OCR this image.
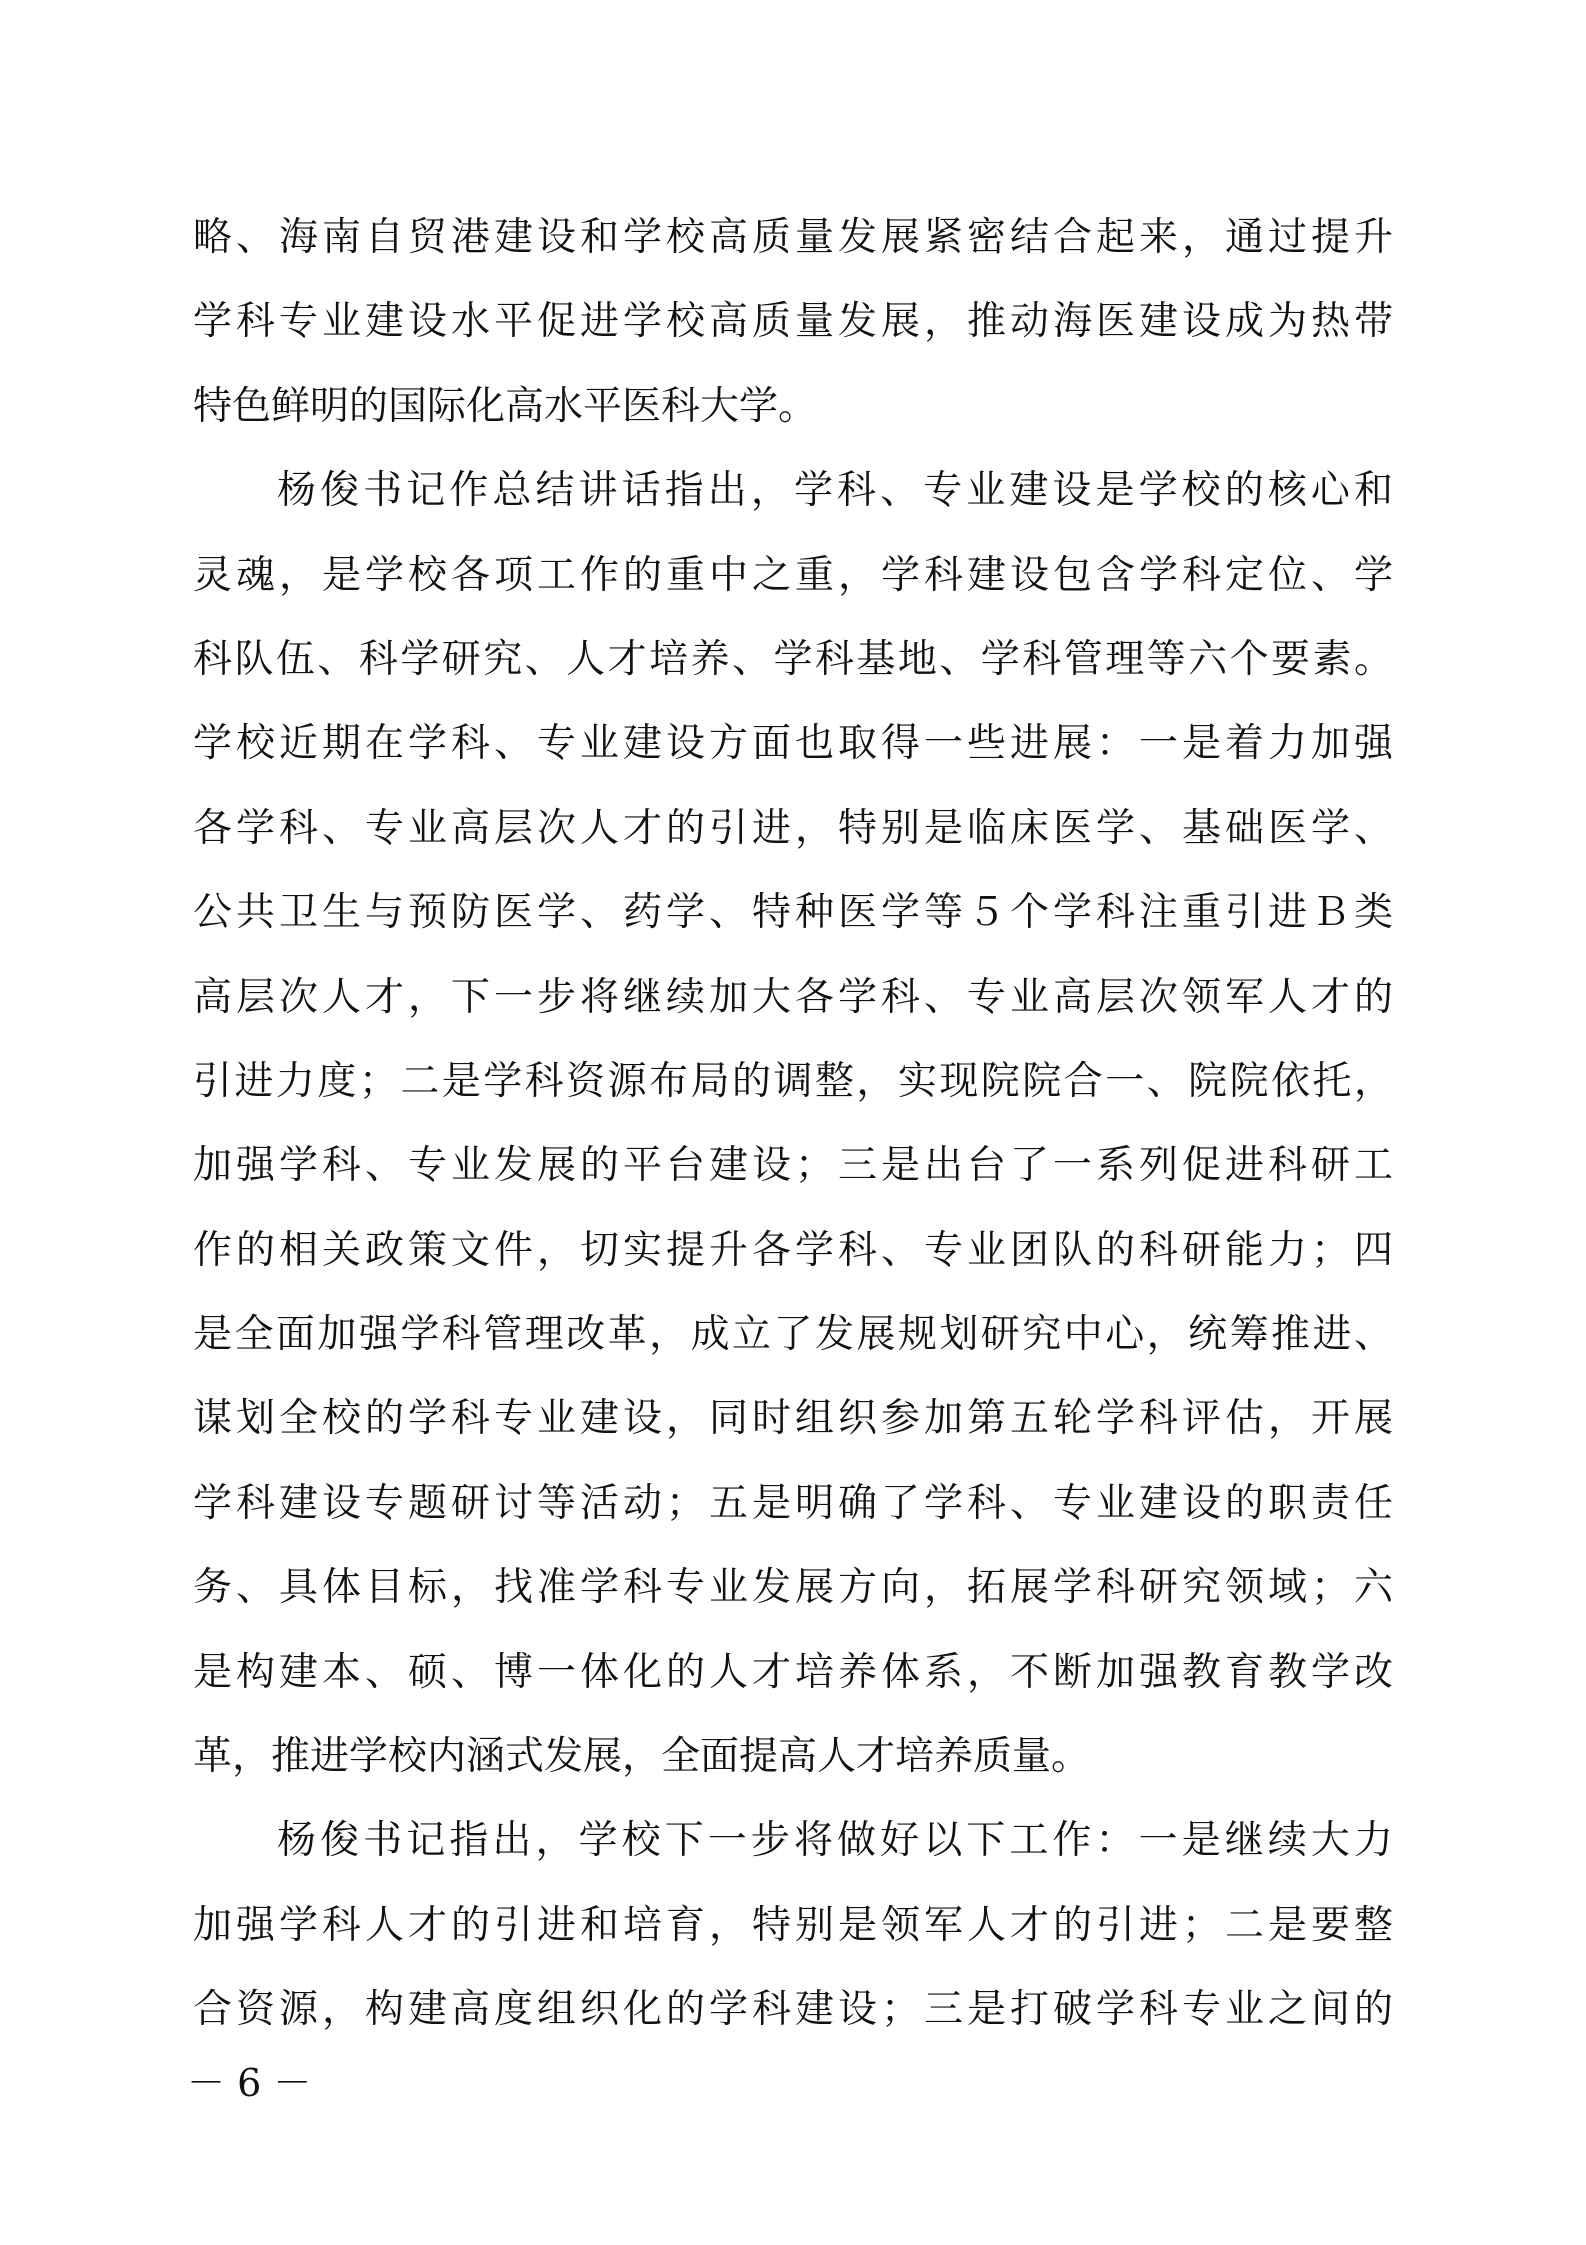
略、海南自贸港建设和学校高质量发展紧密结合起来，通过提升
学科专业建设水平促进学校高质量发展，推动海医建设成为热带
特色鲜明的国际化高水平医科大学。
杨俊书记作总结讲话指出，学科、专业建设是学校的核心和
灵魂，是学校各项工作的重中之重，学科建设包含学科定位、学
科队伍、科学研究、人才培养、学科基地、学科管理等六个要素。
学校近期在学科、专业建设方面也取得一些进展：一是着力加强
各学科、专业高层次人才的引进，特别是临床医学、基础医学、
公共卫生与预防医学、药学、特种医学等５个学科注重引进Ｂ类
高层次人才，下一步将继续加大各学科、专业高层次领军人才的
引进力度；二是学科资源布局的调整，实现院院合一、院院依托，
加强学科、专业发展的平台建设；三是出台了一系列促进科研工
作的相关政策文件，切实提升各学科、专业团队的科研能力；四
是全面加强学科管理改革，成立了发展规划研究中心，统筹推进、
谋划全校的学科专业建设，同时组织参加第五轮学科评估，开展
学科建设专题研讨等活动；五是明确了学科、专业建设的职责任
务、具体目标，找准学科专业发展方向，拓展学科研究领域；六
是构建本、硕、博一体化的人才培养体系，不断加强教育教学改
革，推进学校内涵式发展，全面提高人才培养质量。
杨俊书记指出，学校下一步将做好以下工作：一是继续大力
加强学科人才的引进和培育，特别是领军人才的引进；二是要整
合资源，构建高度组织化的学科建设；三是打破学科专业之间的
－ 6 －
